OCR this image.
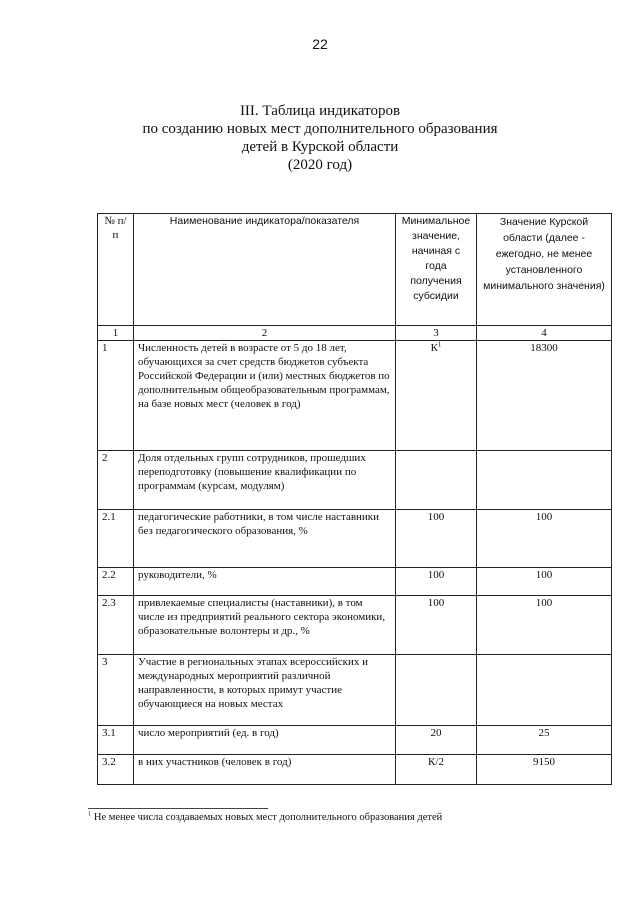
22
III. Таблица индикаторов
по созданию новых мест дополнительного образования
детей в Курской области
(2020 год)
№ п/п	Наименование индикатора/показателя	Минимальное значение, начиная с года получения субсидии	Значение Курской области (далее - ежегодно, не менее установленного минимального значения)
1	2	3	4
1	Численность детей в возрасте от 5 до 18 лет, обучающихся за счет средств бюджетов субъекта Российской Федерации и (или) местных бюджетов по дополнительным общеобразовательным программам, на базе новых мест (человек в год)	$К^1$	18300
2	Доля отдельных групп сотрудников, прошедших переподготовку (повышение квалификации по программам (курсам, модулям)		
2.1	педагогические работники, в том числе наставники без педагогического образования, %	100	100
2.2	руководители, %	100	100
2.3	привлекаемые специалисты (наставники), в том числе из предприятий реального сектора экономики, образовательные волонтеры и др., %	100	100
3	Участие в региональных этапах всероссийских и международных мероприятий различной направленности, в которых примут участие обучающиеся на новых местах		
3.1	число мероприятий (ед. в год)	20	25
3.2	в них участников (человек в год)	К/2	9150
$^1$ Не менее числа создаваемых новых мест дополнительного образования детей
